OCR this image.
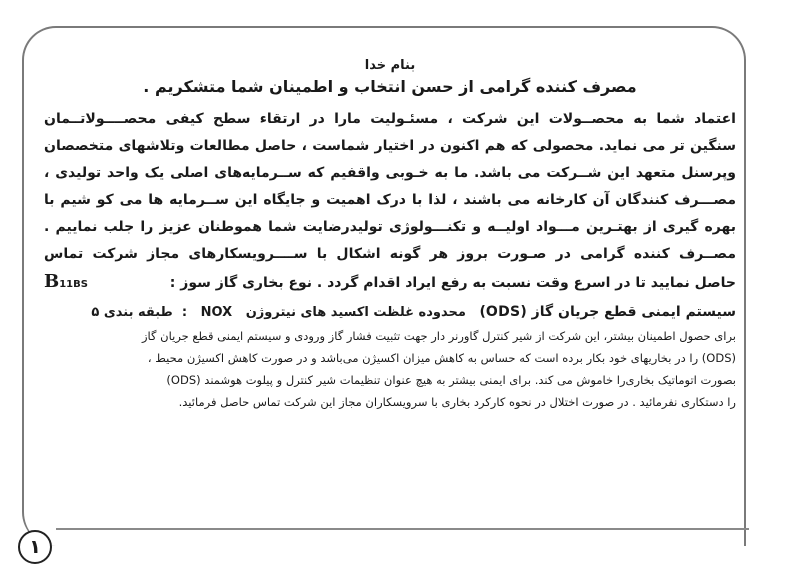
۱
بنام خدا
مصرف کننده گرامی از حسن انتخاب و اطمینان شما متشکریم .
اعتماد شما به محصــولات این شرکت ، مسئـولیت مارا در ارتقاء سطح کیفی محصــــولاتــمان
سنگین تر می نماید. محصولی که هم اکنون در اختیار شماست ، حاصل مطالعات وتلاشهای متخصصان
وپرسنل متعهد این شــرکت می باشد. ما به خـوبی واقفیم که ســرمایه‌های اصلی یک واحد تولیدی ،
مصـــرف کنندگان آن کارخانه می باشند ، لذا با درک اهمیت و جایگاه این ســرمایه ها می کو شیم با
بهره گیری از بهتـرین مـــواد اولیــه و تکنـــولوژی تولیدرضایت شما هموطنان عزیز را جلب نماییم .
مصــرف کننده گرامی در صـورت بروز هر گونه اشکال با ســــرویسکارهای مجاز شرکت تماس
حاصل نمایید تا در اسرع وقت نسبت به رفع ایراد اقدام گردد . نوع بخاری گاز سوز :
B11BS
سیستم ایمنی قطع جریان گاز (ODS)   محدوده غلظت اکسید های نیتروژن   NOX   :  طبقه بندی ۵

برای حصول اطمینان بیشتر، این شرکت از شیر کنترل گاورنر دار جهت تثبیت فشار گاز ورودی و سیستم ایمنی قطع جریان گاز

(ODS) را در بخاریهای خود بکار برده است که حساس به کاهش میزان اکسیژن می‌باشد و در صورت کاهش اکسیژن محیط ،

بصورت اتوماتیک بخاری‌را خاموش می کند. برای ایمنی بیشتر به هیچ عنوان تنظیمات شیر کنترل و پیلوت هوشمند (ODS)

را دستکاری نفرمائید . در صورت اختلال در نحوه کارکرد بخاری با سرویسکاران مجاز این شرکت تماس حاصل فرمائید.
